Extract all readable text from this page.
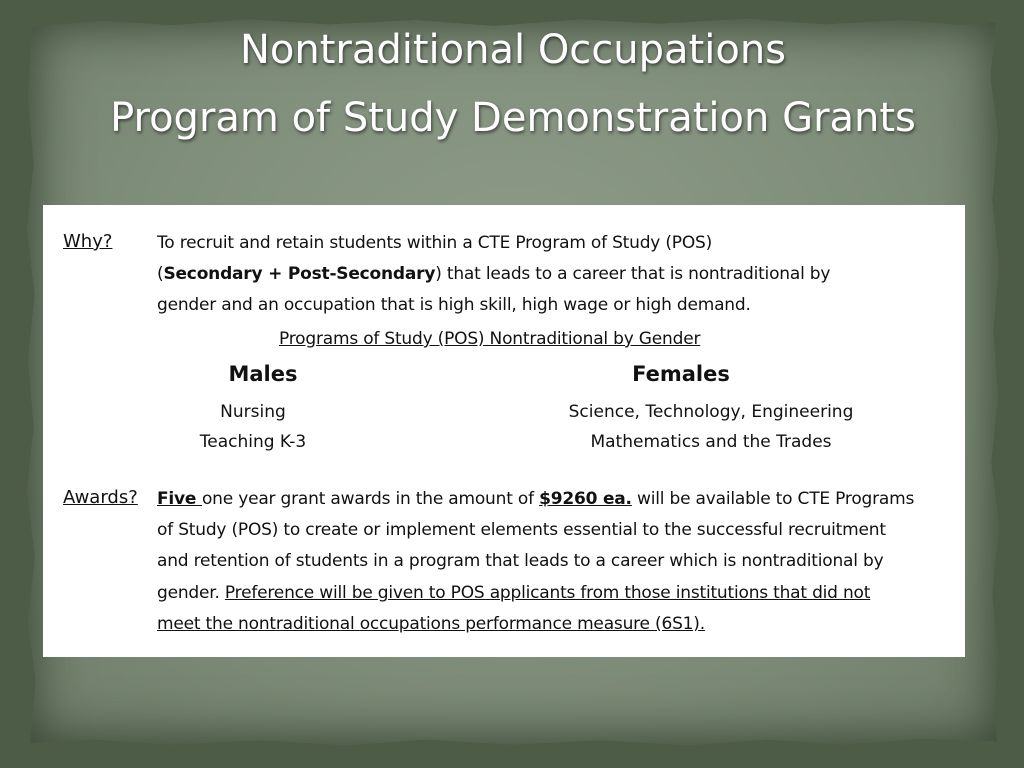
Nontraditional Occupations
Program of Study Demonstration Grants
Why?	To recruit and retain students within a CTE Program of Study (POS)
(Secondary + Post-Secondary) that leads to a career that is nontraditional by
gender and an occupation that is high skill, high wage or high demand.
Programs of Study (POS) Nontraditional by Gender
Males	Females
Nursing
Teaching K-3
Science, Technology, Engineering
Mathematics and the Trades
Awards? Five one year grant awards in the amount of $9260 ea. will be available to CTE Programs
of Study (POS) to create or implement elements essential to the successful recruitment
and retention of students in a program that leads to a career which is nontraditional by
gender. Preference will be given to POS applicants from those institutions that did not
meet the nontraditional occupations performance measure (6S1).
